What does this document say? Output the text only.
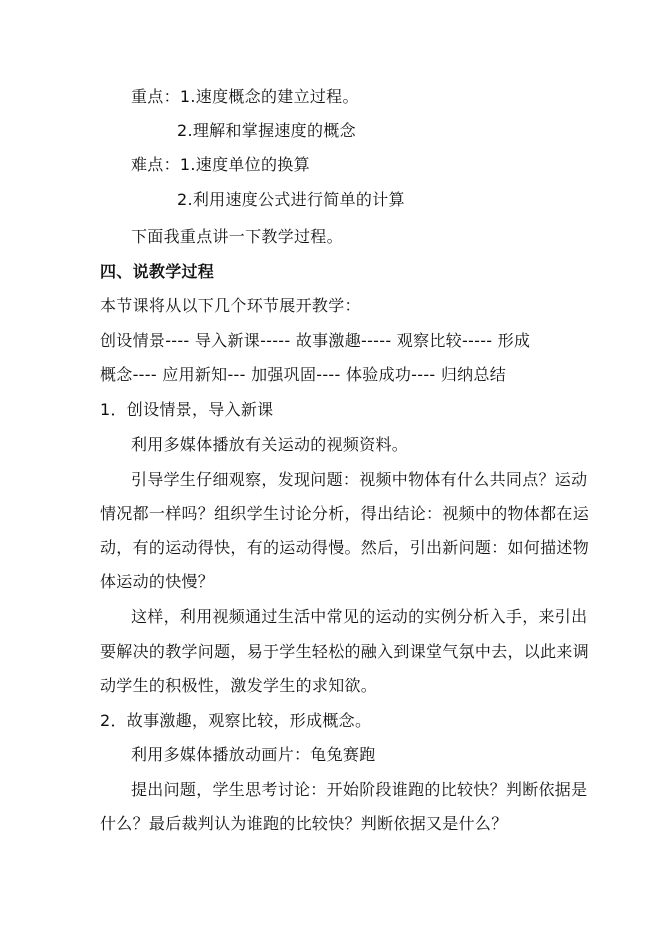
重点：1.速度概念的建立过程。
2.理解和掌握速度的概念
难点：1.速度单位的换算
2.利用速度公式进行简单的计算
下面我重点讲一下教学过程。
四、说教学过程
本节课将从以下几个环节展开教学：
创设情景---- 导入新课----- 故事激趣----- 观察比较----- 形成
概念---- 应用新知--- 加强巩固---- 体验成功---- 归纳总结
1．创设情景，导入新课
利用多媒体播放有关运动的视频资料。
引导学生仔细观察，发现问题：视频中物体有什么共同点？运动
情况都一样吗？组织学生讨论分析，得出结论：视频中的物体都在运
动，有的运动得快，有的运动得慢。然后，引出新问题：如何描述物
体运动的快慢？
这样，利用视频通过生活中常见的运动的实例分析入手，来引出
要解决的教学问题，易于学生轻松的融入到课堂气氛中去，以此来调
动学生的积极性，激发学生的求知欲。
2．故事激趣，观察比较，形成概念。
利用多媒体播放动画片：龟兔赛跑
提出问题，学生思考讨论：开始阶段谁跑的比较快？判断依据是
什么？最后裁判认为谁跑的比较快？判断依据又是什么？
